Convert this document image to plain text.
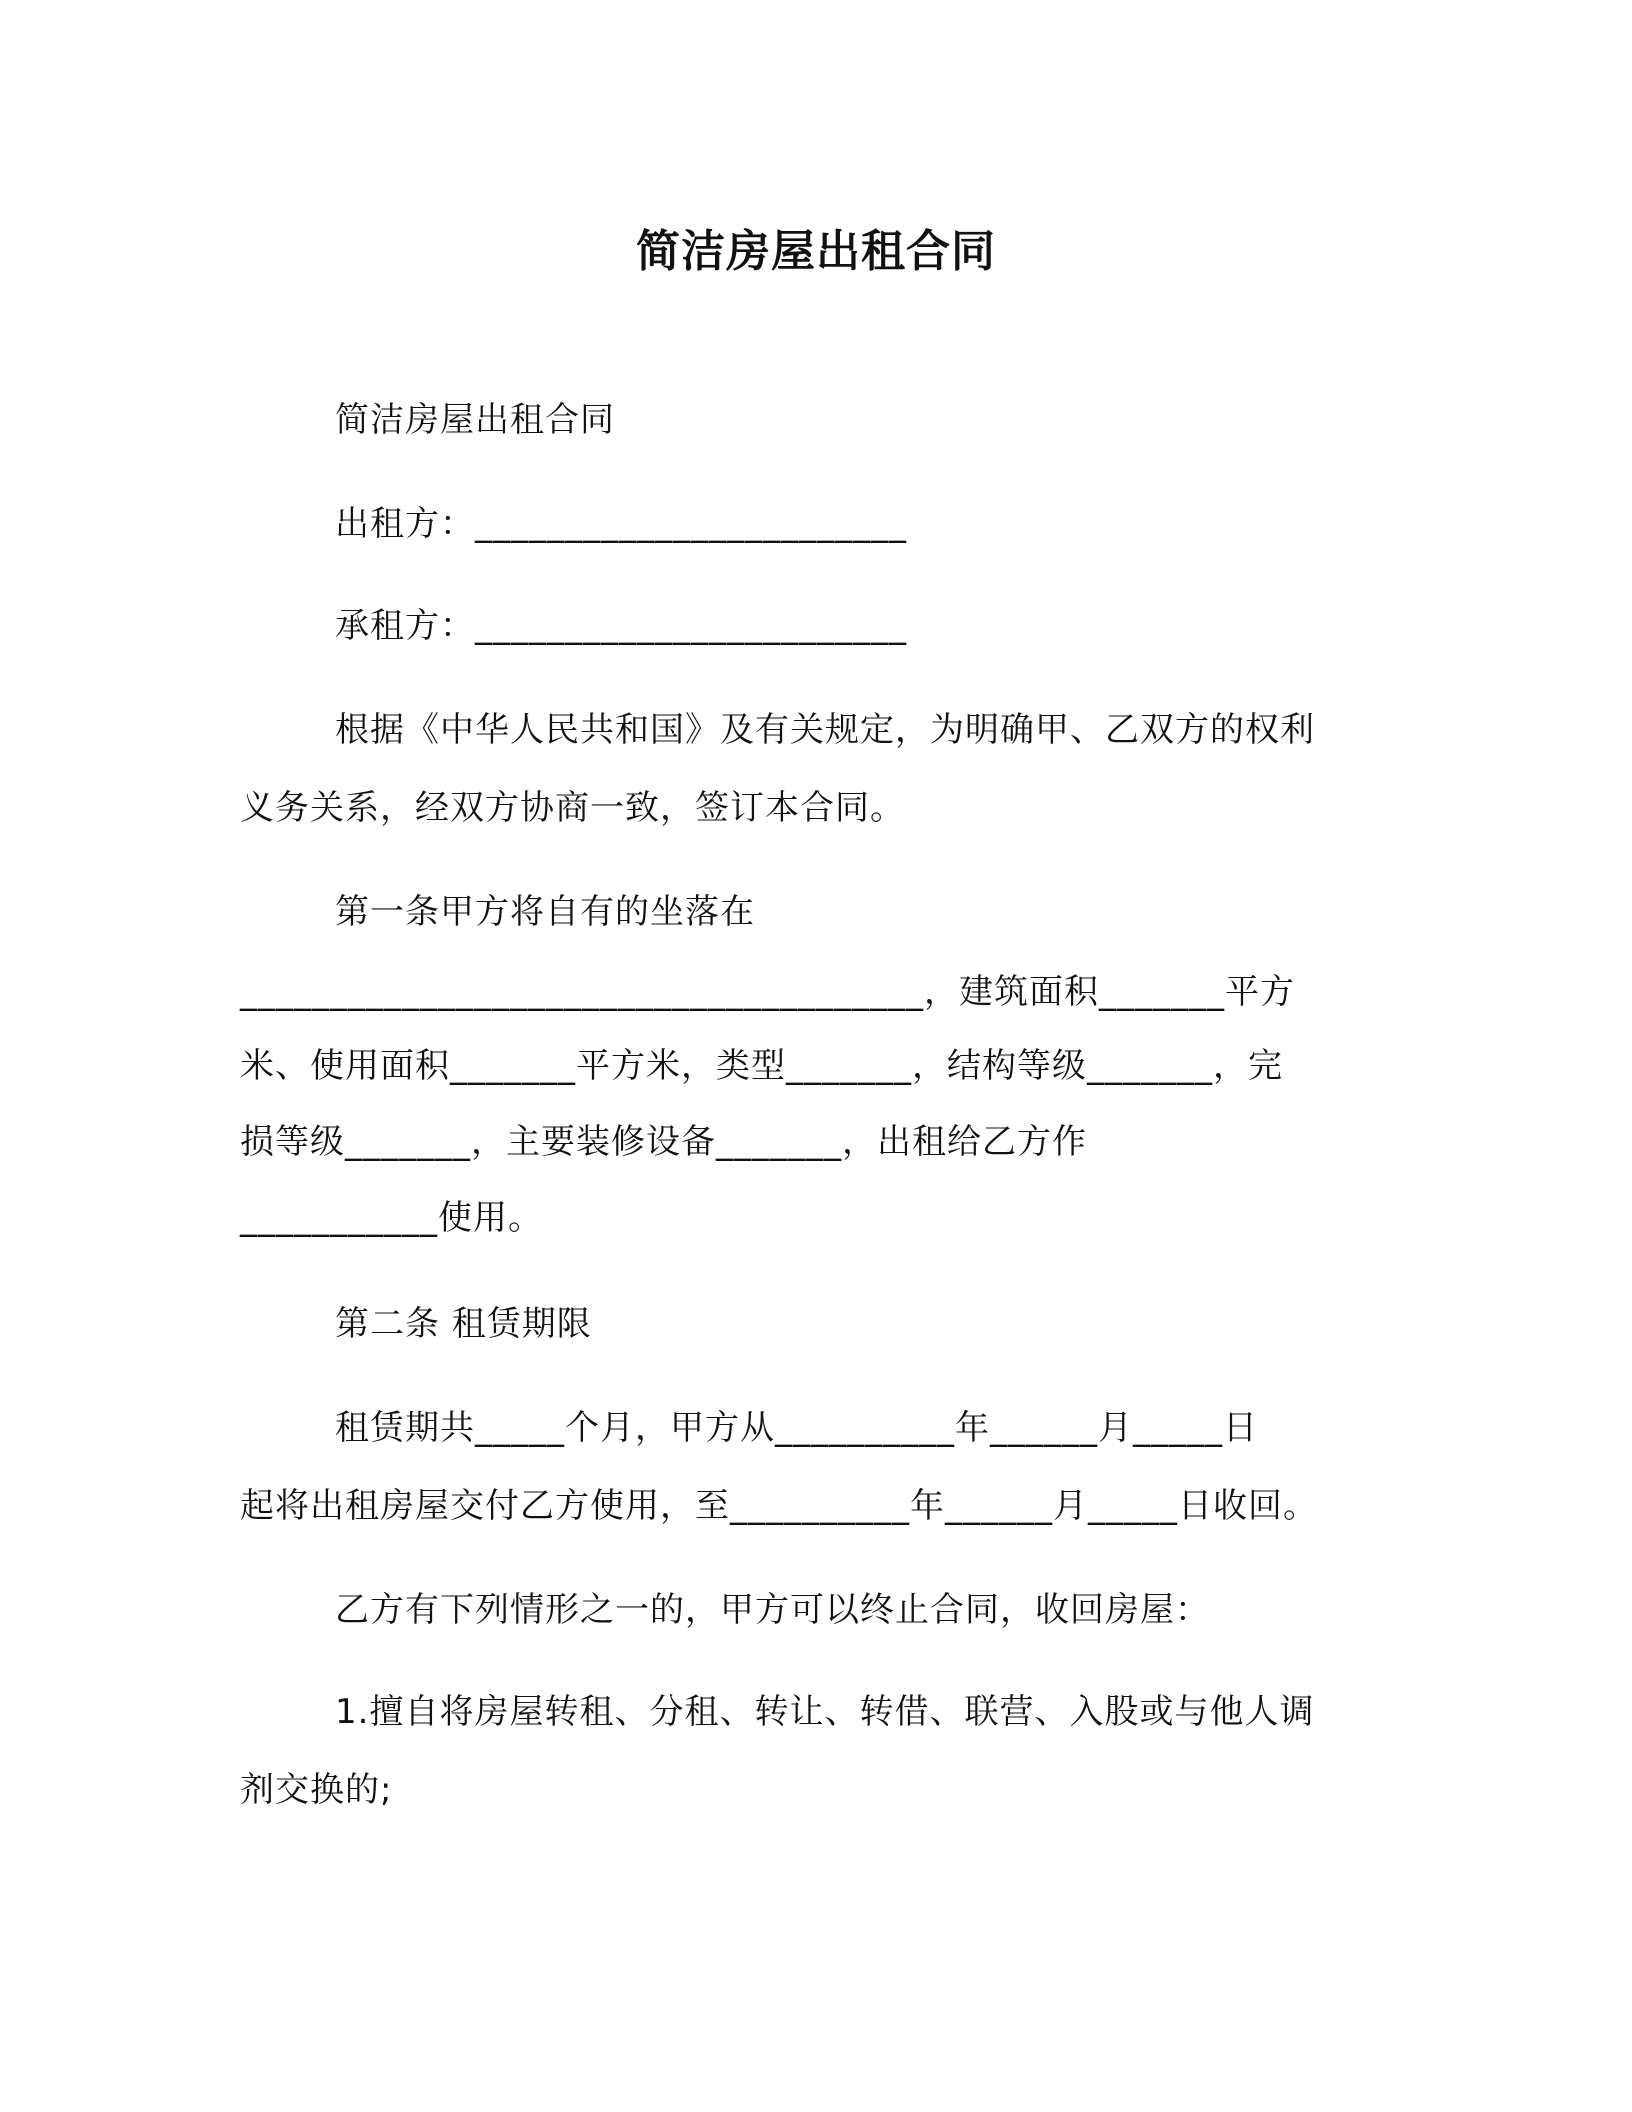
简洁房屋出租合同
简洁房屋出租合同
出租方：________________________
承租方：________________________
根据《中华人民共和国》及有关规定，为明确甲、乙双方的权利
义务关系，经双方协商一致，签订本合同。
第一条甲方将自有的坐落在
______________________________________，建筑面积_______平方
米、使用面积_______平方米，类型_______，结构等级_______，完
损等级_______，主要装修设备_______，出租给乙方作
___________使用。
第二条 租赁期限
租赁期共_____个月，甲方从__________年______月_____日
起将出租房屋交付乙方使用，至__________年______月_____日收回。
乙方有下列情形之一的，甲方可以终止合同，收回房屋：
1.擅自将房屋转租、分租、转让、转借、联营、入股或与他人调
剂交换的;
